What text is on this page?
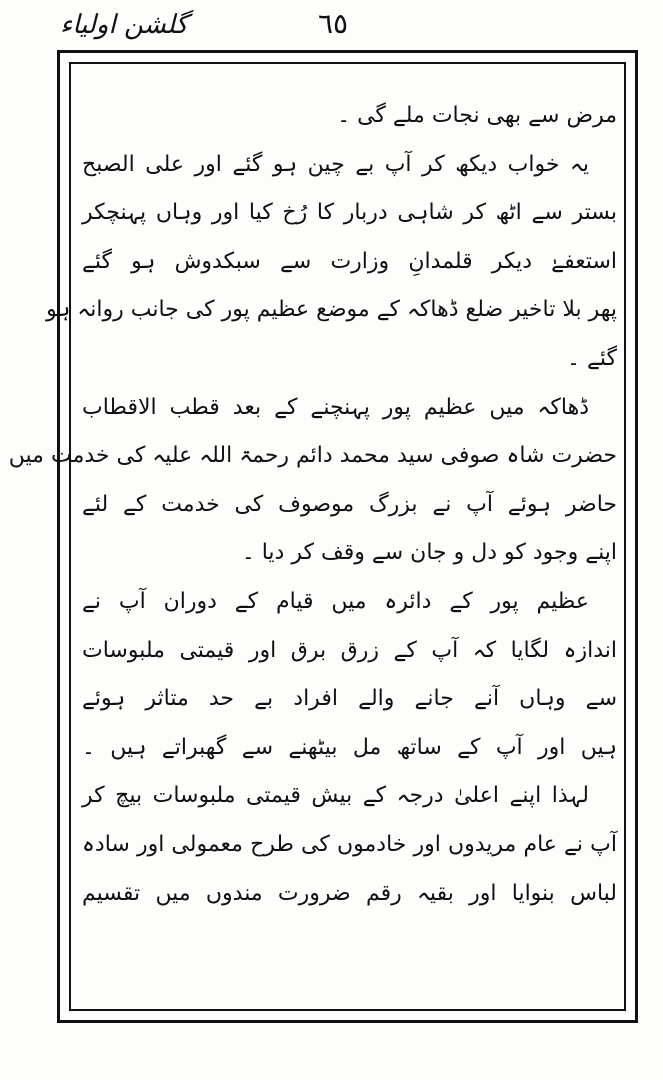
گلشن اولیاء	٦٥
مرض سے بھی نجات ملے گی ۔
یہ خواب دیکھ کر آپ بے چین ہو گئے اور علی الصبح
بستر سے اٹھ کر شاہی دربار کا رُخ کیا اور وہاں پہنچکر
استعفےٰ دیکر قلمدانِ وزارت سے سبکدوش ہو گئے
پھر بلا تاخیر ضلع ڈھاکہ کے موضع عظیم پور کی جانب روانہ ہو
گئے ۔
ڈھاکہ میں عظیم پور پہنچنے کے بعد قطب الاقطاب
حضرت شاہ صوفی سید محمد دائم رحمۃ اللہ علیہ کی خدمت میں
حاضر ہوئے آپ نے بزرگ موصوف کی خدمت کے لئے
اپنے وجود کو دل و جان سے وقف کر دیا ۔
عظیم پور کے دائرہ میں قیام کے دوران آپ نے
اندازہ لگایا کہ آپ کے زرق برق اور قیمتی ملبوسات
سے وہاں آنے جانے والے افراد بے حد متاثر ہوئے
ہیں اور آپ کے ساتھ مل بیٹھنے سے گھبراتے ہیں ۔
لہذا اپنے اعلیٰ درجہ کے بیش قیمتی ملبوسات بیچ کر
آپ نے عام مریدوں اور خادموں کی طرح معمولی اور سادہ
لباس بنوایا اور بقیہ رقم ضرورت مندوں میں تقسیم
